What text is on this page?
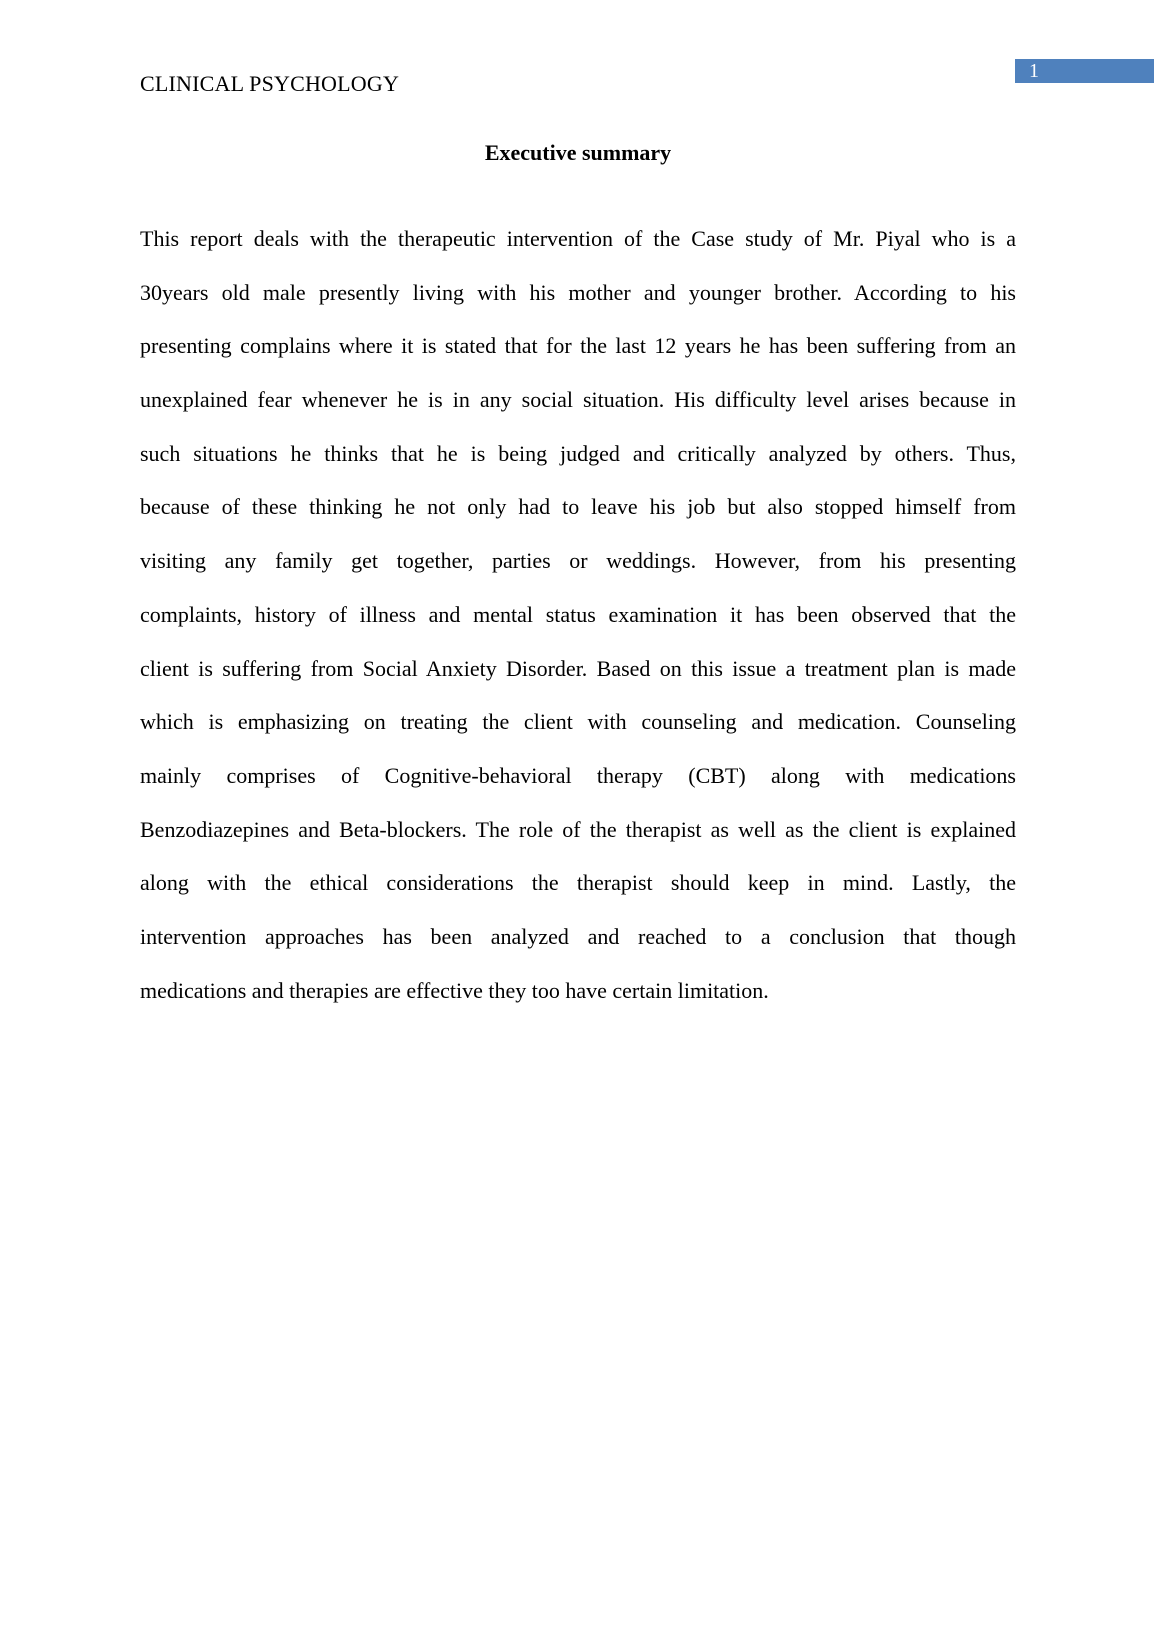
1
CLINICAL PSYCHOLOGY
Executive summary
This report deals with the therapeutic intervention of the Case study of Mr. Piyal who is a
30years old male presently living with his mother and younger brother. According to his
presenting complains where it is stated that for the last 12 years he has been suffering from an
unexplained fear whenever he is in any social situation. His difficulty level arises because in
such situations he thinks that he is being judged and critically analyzed by others. Thus,
because of these thinking he not only had to leave his job but also stopped himself from
visiting any family get together, parties or weddings. However, from his presenting
complaints, history of illness and mental status examination it has been observed that the
client is suffering from Social Anxiety Disorder. Based on this issue a treatment plan is made
which is emphasizing on treating the client with counseling and medication. Counseling
mainly comprises of Cognitive-behavioral therapy (CBT) along with medications
Benzodiazepines and Beta-blockers. The role of the therapist as well as the client is explained
along with the ethical considerations the therapist should keep in mind. Lastly, the
intervention approaches has been analyzed and reached to a conclusion that though
medications and therapies are effective they too have certain limitation.
